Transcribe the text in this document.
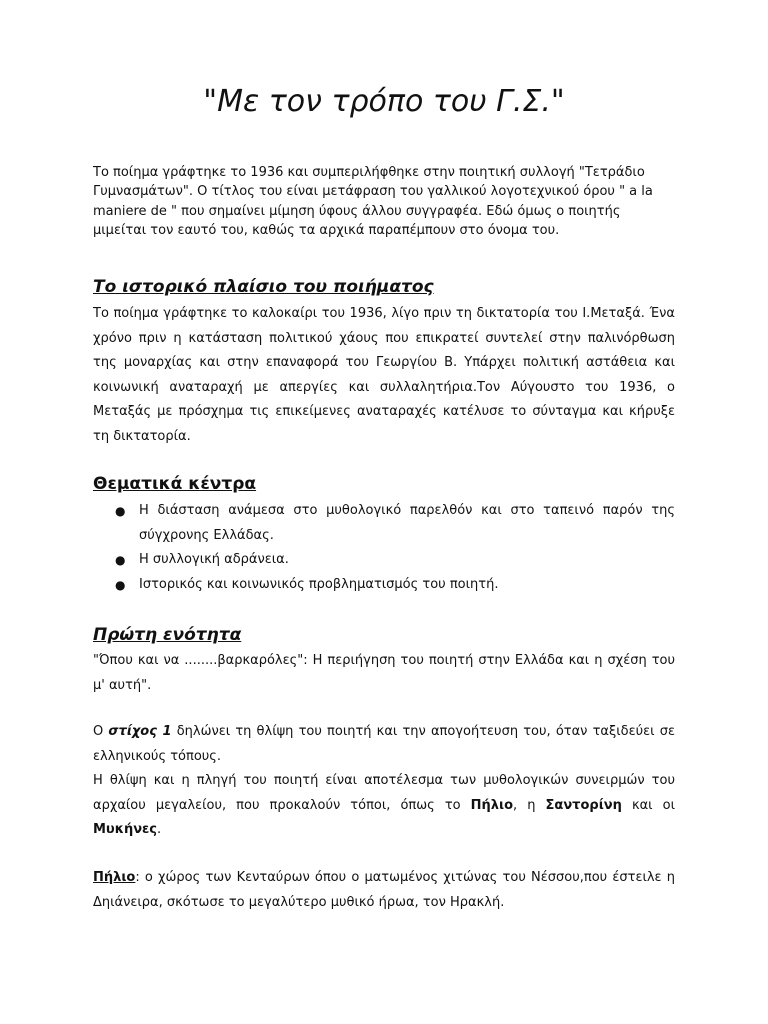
"Με τον τρόπο του Γ.Σ."

Το ποίημα γράφτηκε το 1936 και συμπεριλήφθηκε στην ποιητική συλλογή "Τετράδιο Γυμνασμάτων". Ο τίτλος του είναι μετάφραση του γαλλικού λογοτεχνικού όρου " a la maniere de " που σημαίνει μίμηση ύφους άλλου συγγραφέα. Εδώ όμως ο ποιητής μιμείται τον εαυτό του, καθώς τα αρχικά παραπέμπουν στο όνομα του.

Το ιστορικό πλαίσιο του ποιήματος

Το ποίημα γράφτηκε το καλοκαίρι του 1936, λίγο πριν τη δικτατορία του Ι.Μεταξά. Ένα χρόνο πριν η κατάσταση πολιτικού χάους που επικρατεί συντελεί στην παλινόρθωση της μοναρχίας και στην επαναφορά του Γεωργίου Β. Υπάρχει πολιτική αστάθεια και κοινωνική αναταραχή με απεργίες και συλλαλητήρια.Τον Αύγουστο του 1936, ο Μεταξάς με πρόσχημα τις επικείμενες αναταραχές κατέλυσε το σύνταγμα και κήρυξε τη δικτατορία.

Θεματικά κέντρα
● Η διάσταση ανάμεσα στο μυθολογικό παρελθόν και στο ταπεινό παρόν της σύγχρονης Ελλάδας.
● Η συλλογική αδράνεια.
● Ιστορικός και κοινωνικός προβληματισμός του ποιητή.
Πρώτη ενότητα

"Όπου και να ........βαρκαρόλες": Η περιήγηση του ποιητή στην Ελλάδα και η σχέση του μ' αυτή".

Ο στίχος 1 δηλώνει τη θλίψη του ποιητή και την απογοήτευση του, όταν ταξιδεύει σε ελληνικούς τόπους.
Η θλίψη και η πληγή του ποιητή είναι αποτέλεσμα των μυθολογικών συνειρμών του αρχαίου μεγαλείου, που προκαλούν τόποι, όπως το Πήλιο, η Σαντορίνη και οι Μυκήνες.

Πήλιο: ο χώρος των Κενταύρων όπου ο ματωμένος χιτώνας του Νέσσου,που έστειλε η Δηιάνειρα, σκότωσε το μεγαλύτερο μυθικό ήρωα, τον Ηρακλή.
